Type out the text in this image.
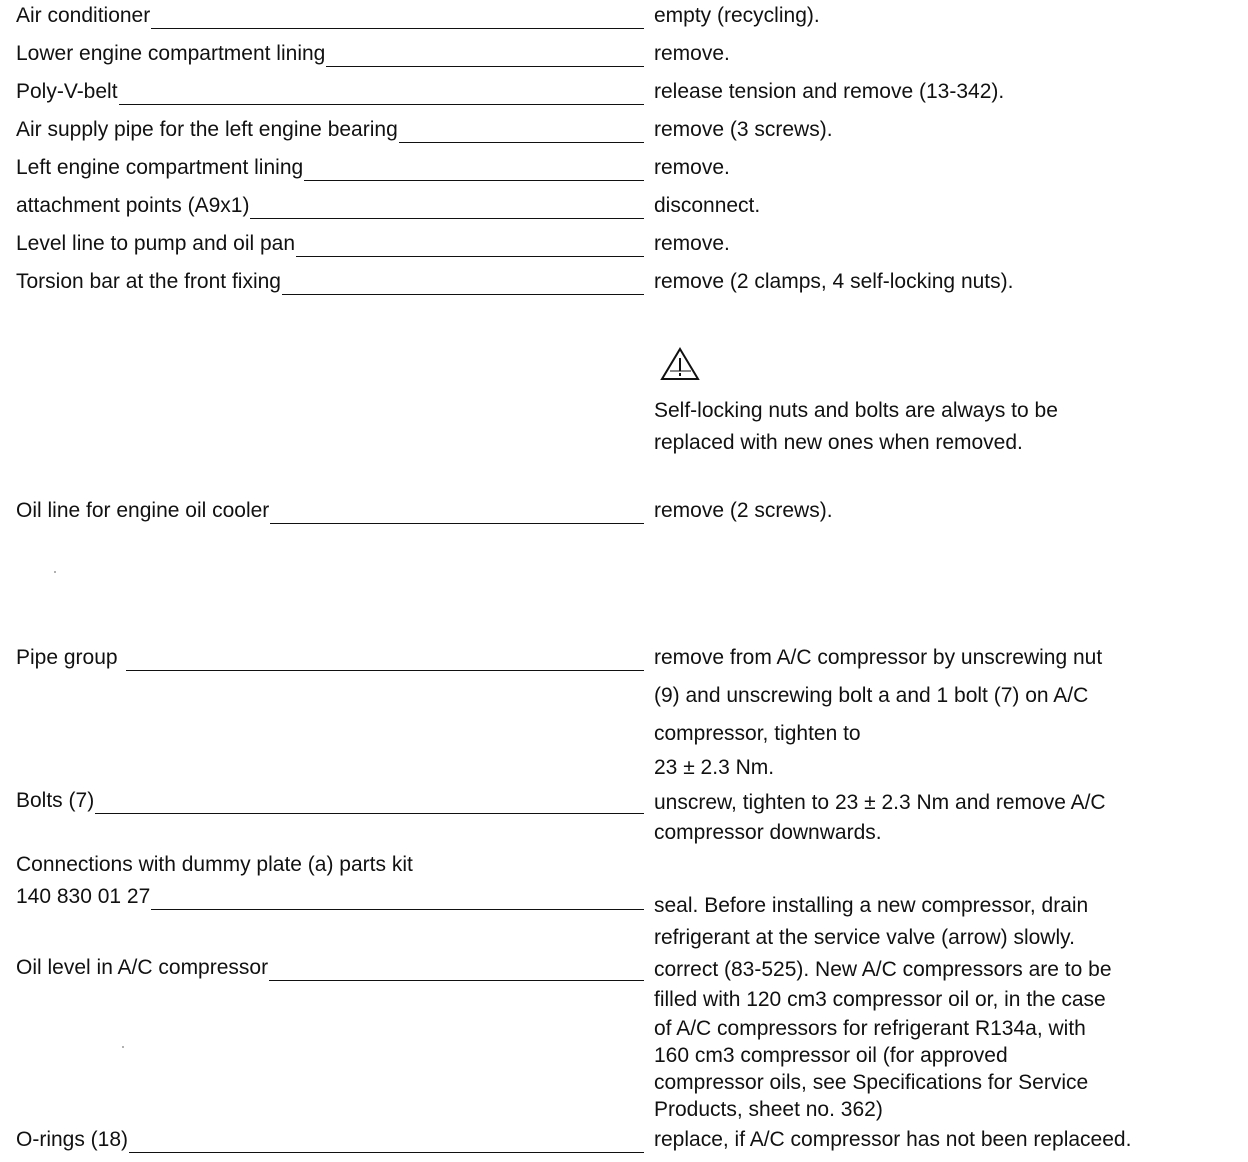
Air conditioner	empty (recycling).
Lower engine compartment lining	remove.
Poly-V-belt	release tension and remove (13-342).
Air supply pipe for the left engine bearing	remove (3 screws).
Left engine compartment lining	remove.
attachment points (A9x1)	disconnect.
Level line to pump and oil pan	remove.
Torsion bar at the front fixing	remove (2 clamps, 4 self-locking nuts).
Self-locking nuts and bolts are always to be
replaced with new ones when removed.
Oil line for engine oil cooler	remove (2 screws).
Pipe group	remove from A/C compressor by unscrewing nut
(9) and unscrewing bolt a and 1 bolt (7) on A/C
compressor, tighten to
23 ± 2.3 Nm.
Bolts (7)	unscrew, tighten to 23 ± 2.3 Nm and remove A/C
compressor downwards.
Connections with dummy plate (a) parts kit
140 830 01 27	seal. Before installing a new compressor, drain
refrigerant at the service valve (arrow) slowly.
Oil level in A/C compressor	correct (83-525). New A/C compressors are to be
filled with 120 cm3 compressor oil or, in the case
of A/C compressors for refrigerant R134a, with
160 cm3 compressor oil (for approved
compressor oils, see Specifications for Service
Products, sheet no. 362)
O-rings (18)	replace, if A/C compressor has not been replaceed.
